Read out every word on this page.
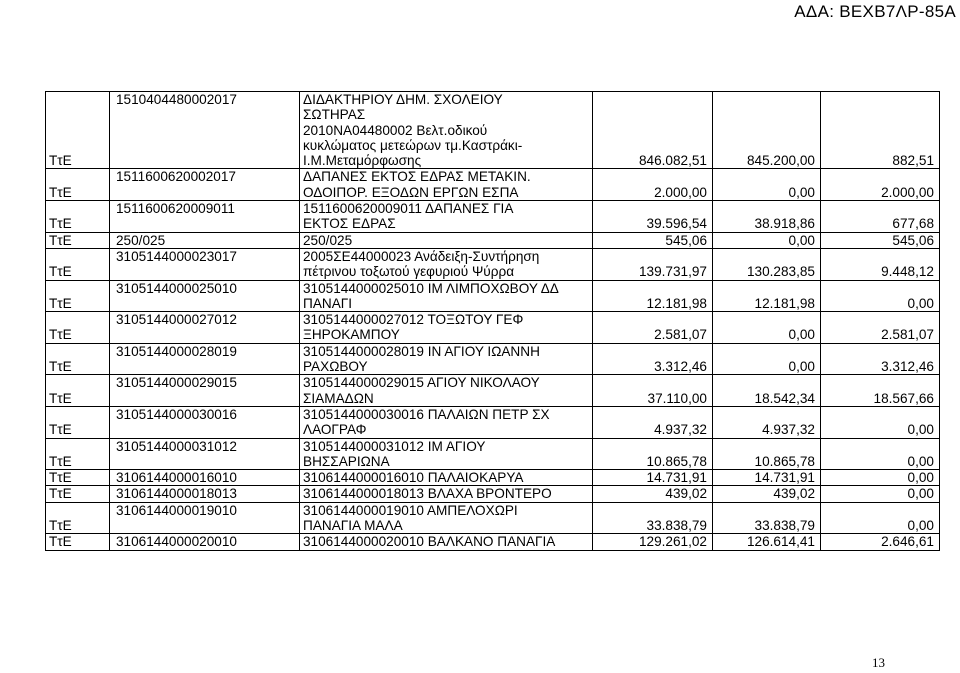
ΑΔΑ: ΒΕΧΒ7ΛΡ-85Α
ΤτΕ	1510404480002017	ΔΙΔΑΚΤΗΡΙΟΥ ΔΗΜ. ΣΧΟΛΕΙΟΥ
ΣΩΤΗΡΑΣ
2010ΝΑ04480002 Βελτ.οδικού
κυκλώματος μετεώρων τμ.Καστράκι-
Ι.Μ.Μεταμόρφωσης	846.082,51	845.200,00	882,51
ΤτΕ	1511600620002017	ΔΑΠΑΝΕΣ ΕΚΤΟΣ ΕΔΡΑΣ ΜΕΤΑΚΙΝ.
ΟΔΟΙΠΟΡ. ΕΞΟΔΩΝ ΕΡΓΩΝ ΕΣΠΑ	2.000,00	0,00	2.000,00
ΤτΕ	1511600620009011	1511600620009011 ΔΑΠΑΝΕΣ ΓΙΑ
ΕΚΤΟΣ ΕΔΡΑΣ	39.596,54	38.918,86	677,68
ΤτΕ	250/025	250/025	545,06	0,00	545,06
ΤτΕ	3105144000023017	2005ΣΕ44000023 Ανάδειξη-Συντήρηση
πέτρινου τοξωτού γεφυριού Ψύρρα	139.731,97	130.283,85	9.448,12
ΤτΕ	3105144000025010	3105144000025010 ΙΜ ΛΙΜΠΟΧΩΒΟΥ ΔΔ
ΠΑΝΑΓΙ	12.181,98	12.181,98	0,00
ΤτΕ	3105144000027012	3105144000027012 ΤΟΞΩΤΟΥ ΓΕΦ
ΞΗΡΟΚΑΜΠΟΥ	2.581,07	0,00	2.581,07
ΤτΕ	3105144000028019	3105144000028019 ΙΝ ΑΓΙΟΥ ΙΩΑΝΝΗ
ΡΑΧΩΒΟΥ	3.312,46	0,00	3.312,46
ΤτΕ	3105144000029015	3105144000029015 ΑΓΙΟΥ ΝΙΚΟΛΑΟΥ
ΣΙΑΜΑΔΩΝ	37.110,00	18.542,34	18.567,66
ΤτΕ	3105144000030016	3105144000030016 ΠΑΛΑΙΩΝ ΠΕΤΡ ΣΧ
ΛΑΟΓΡΑΦ	4.937,32	4.937,32	0,00
ΤτΕ	3105144000031012	3105144000031012 ΙΜ ΑΓΙΟΥ
ΒΗΣΣΑΡΙΩΝΑ	10.865,78	10.865,78	0,00
ΤτΕ	3106144000016010	3106144000016010 ΠΑΛΑΙΟΚΑΡΥΑ	14.731,91	14.731,91	0,00
ΤτΕ	3106144000018013	3106144000018013 ΒΛΑΧΑ ΒΡΟΝΤΕΡΟ	439,02	439,02	0,00
ΤτΕ	3106144000019010	3106144000019010 ΑΜΠΕΛΟΧΩΡΙ
ΠΑΝΑΓΙΑ ΜΑΛΑ	33.838,79	33.838,79	0,00
ΤτΕ	3106144000020010	3106144000020010 ΒΑΛΚΑΝΟ ΠΑΝΑΓΙΑ	129.261,02	126.614,41	2.646,61
13
